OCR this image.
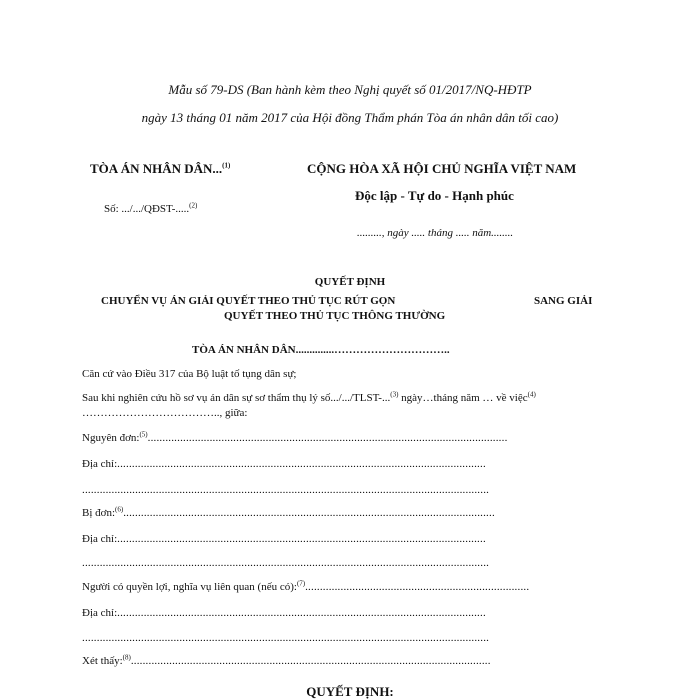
Mẫu số 79-DS (Ban hành kèm theo Nghị quyết số 01/2017/NQ-HĐTP
ngày 13 tháng 01 năm 2017 của Hội đồng Thẩm phán Tòa án nhân dân tối cao)
TÒA ÁN NHÂN DÂN...$^{(1)}$
Số: .../.../QĐST-.....$^{(2)}$
CỘNG HÒA XÃ HỘI CHỦ NGHĨA VIỆT NAM
Độc lập - Tự do - Hạnh phúc
........., ngày ..... tháng ..... năm........
QUYẾT ĐỊNH
CHUYỂN VỤ ÁN GIẢI QUYẾT THEO THỦ TỤC RÚT GỌN	SANG GIẢI
QUYẾT THEO THỦ TỤC THÔNG THƯỜNG
TÒA ÁN NHÂN DÂN..............…………………………..
Căn cứ vào Điều 317 của Bộ luật tố tụng dân sự;
Sau khi nghiên cứu hồ sơ vụ án dân sự sơ thẩm thụ lý số.../.../TLST-...$^{(3)}$ ngày…tháng năm … về việc$^{(4)}$
……………………………….., giữa:
Nguyên đơn:$^{(5)}$..........................................................................................................................
Địa chỉ:.............................................................................................................................
..........................................................................................................................................
Bị đơn:$^{(6)}$..............................................................................................................................
Địa chỉ:.............................................................................................................................
..........................................................................................................................................
Người có quyền lợi, nghĩa vụ liên quan (nếu có):$^{(7)}$............................................................................
Địa chỉ:.............................................................................................................................
..........................................................................................................................................
Xét thấy:$^{(8)}$..........................................................................................................................
QUYẾT ĐỊNH:
